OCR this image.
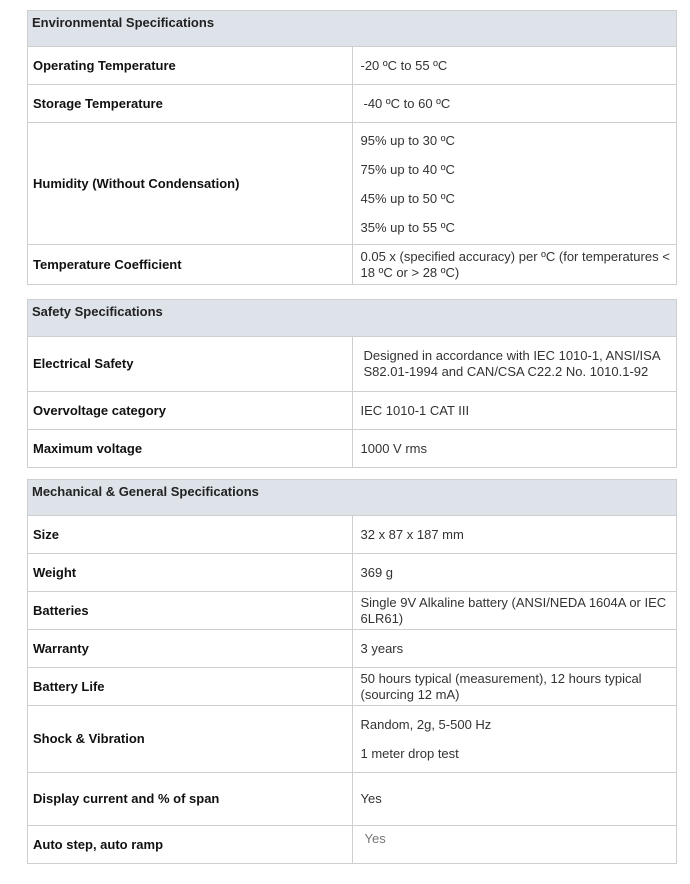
Environmental Specifications	
Operating Temperature	-20 ºC to 55 ºC
Storage Temperature	-40 ºC to 60 ºC
Humidity (Without Condensation)	95% up to 30 ºC
75% up to 40 ºC
45% up to 50 ºC
35% up to 55 ºC

Temperature Coefficient	0.05 x (specified accuracy) per ºC (for temperatures < 18 ºC or > 28 ºC)
Safety Specifications	
Electrical Safety	Designed in accordance with IEC 1010-1, ANSI/ISA S82.01-1994 and CAN/CSA C22.2 No. 1010.1-92

Overvoltage category	IEC 1010-1 CAT III
Maximum voltage	1000 V rms
Mechanical & General Specifications	
Size	32 x 87 x 187 mm
Weight	369 g
Batteries	Single 9V Alkaline battery (ANSI/NEDA 1604A or IEC 6LR61)
Warranty	3 years
Battery Life	50 hours typical (measurement), 12 hours typical (sourcing 12 mA)
Shock & Vibration	Random, 2g, 5-500 Hz
1 meter drop test

Display current and % of span	Yes
Auto step, auto ramp	Yes
